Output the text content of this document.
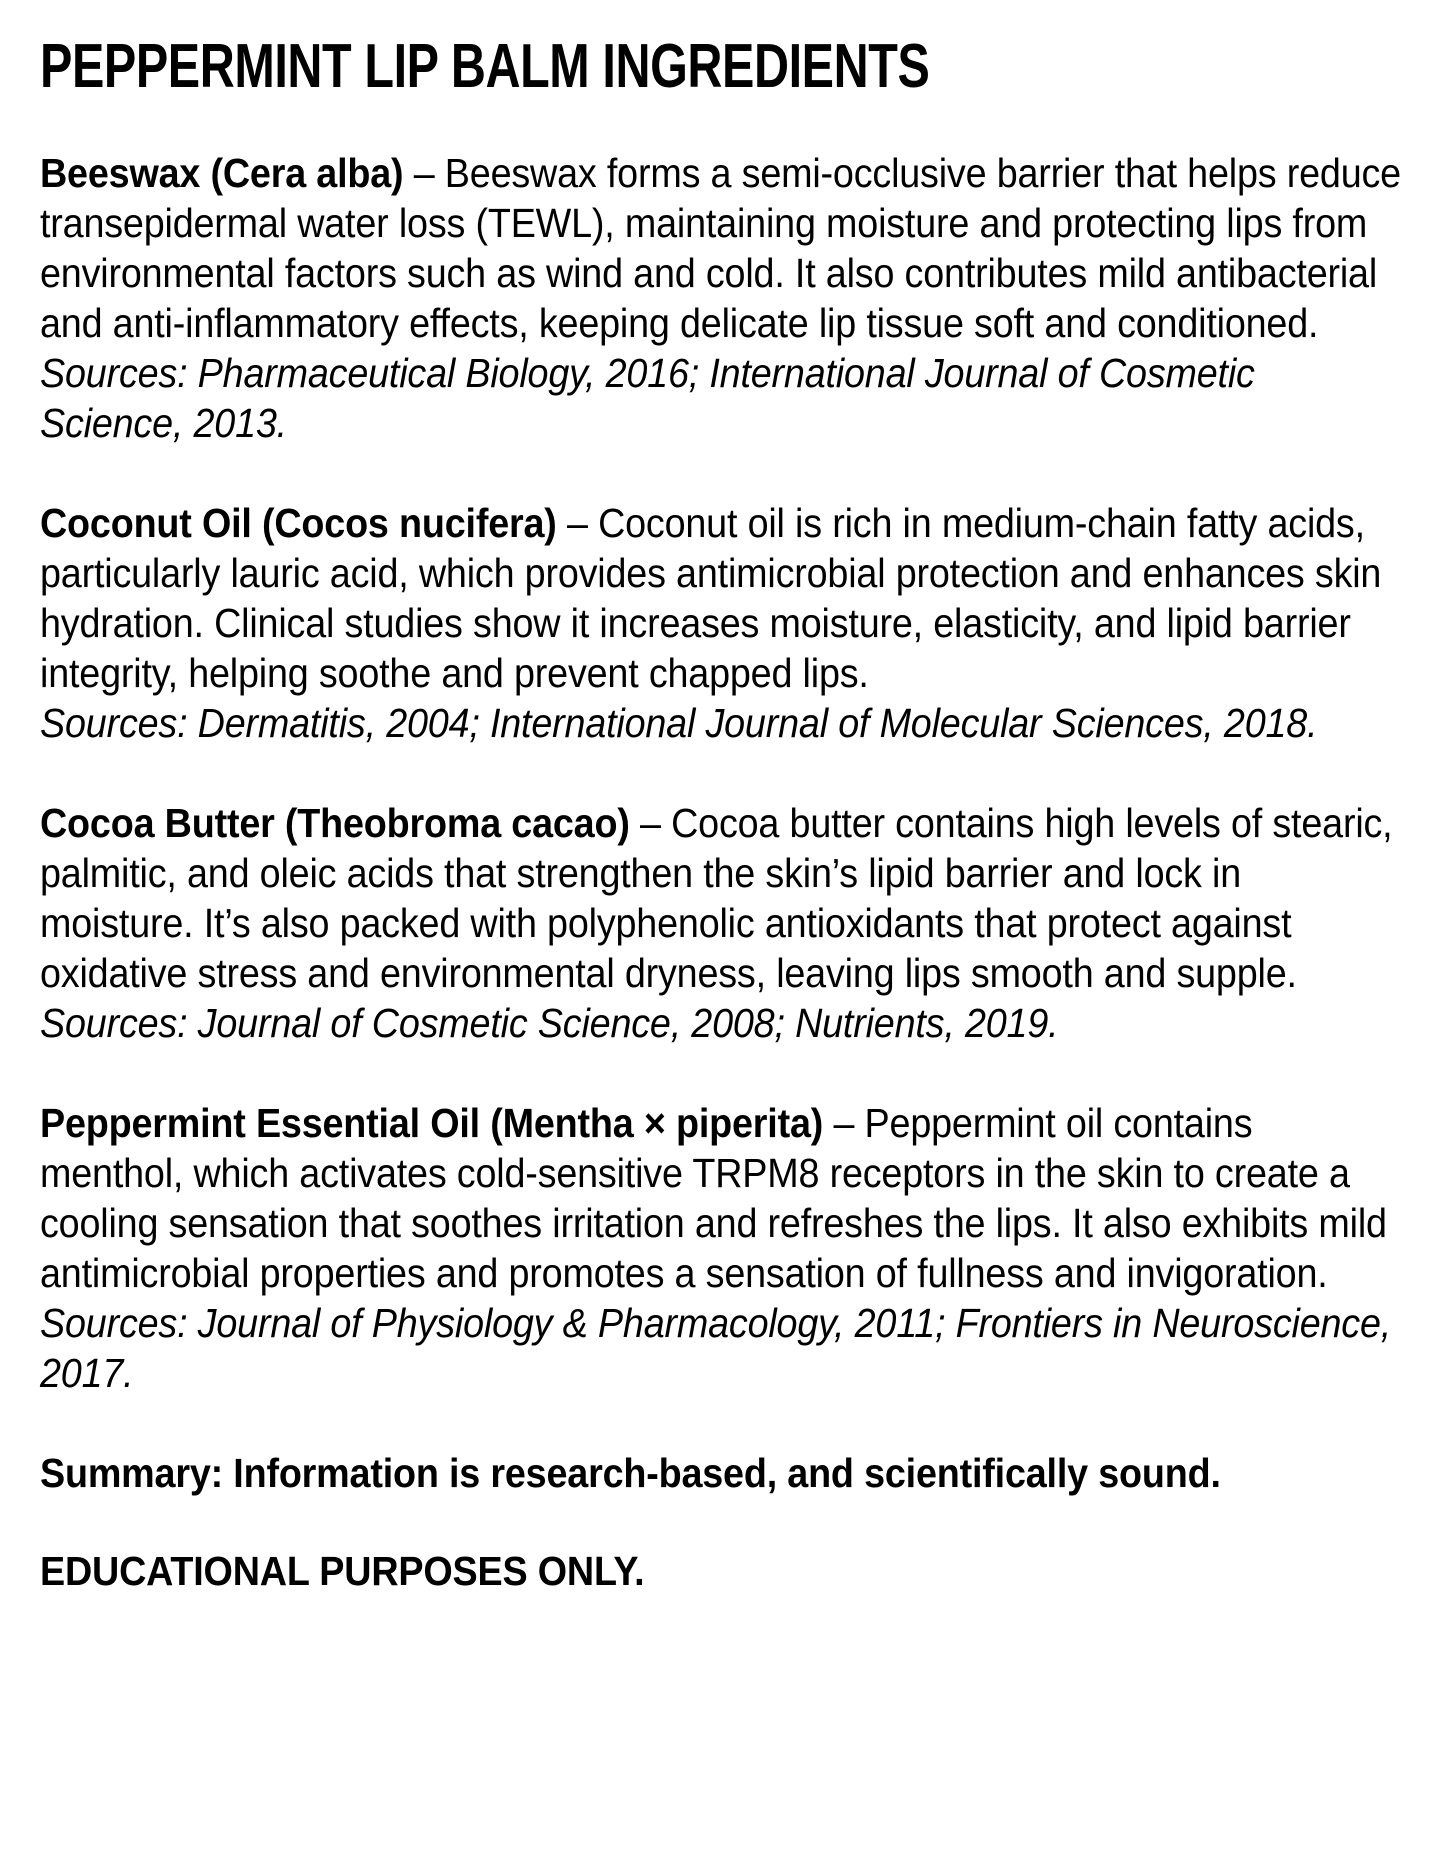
PEPPERMINT LIP BALM INGREDIENTS

Beeswax (Cera alba) – Beeswax forms a semi-occlusive barrier that helps reduce transepidermal water loss (TEWL), maintaining moisture and protecting lips from environmental factors such as wind and cold. It also contributes mild antibacterial and anti-inflammatory effects, keeping delicate lip tissue soft and conditioned.

Sources: Pharmaceutical Biology, 2016; International Journal of Cosmetic Science, 2013.

Coconut Oil (Cocos nucifera) – Coconut oil is rich in medium-chain fatty acids, particularly lauric acid, which provides antimicrobial protection and enhances skin hydration. Clinical studies show it increases moisture, elasticity, and lipid barrier integrity, helping soothe and prevent chapped lips.

Sources: Dermatitis, 2004; International Journal of Molecular Sciences, 2018.

Cocoa Butter (Theobroma cacao) – Cocoa butter contains high levels of stearic, palmitic, and oleic acids that strengthen the skin’s lipid barrier and lock in moisture. It’s also packed with polyphenolic antioxidants that protect against oxidative stress and environmental dryness, leaving lips smooth and supple.

Sources: Journal of Cosmetic Science, 2008; Nutrients, 2019.

Peppermint Essential Oil (Mentha × piperita) – Peppermint oil contains menthol, which activates cold-sensitive TRPM8 receptors in the skin to create a cooling sensation that soothes irritation and refreshes the lips. It also exhibits mild antimicrobial properties and promotes a sensation of fullness and invigoration.

Sources: Journal of Physiology & Pharmacology, 2011; Frontiers in Neuroscience, 2017.

Summary: Information is research-based, and scientifically sound.

EDUCATIONAL PURPOSES ONLY.
